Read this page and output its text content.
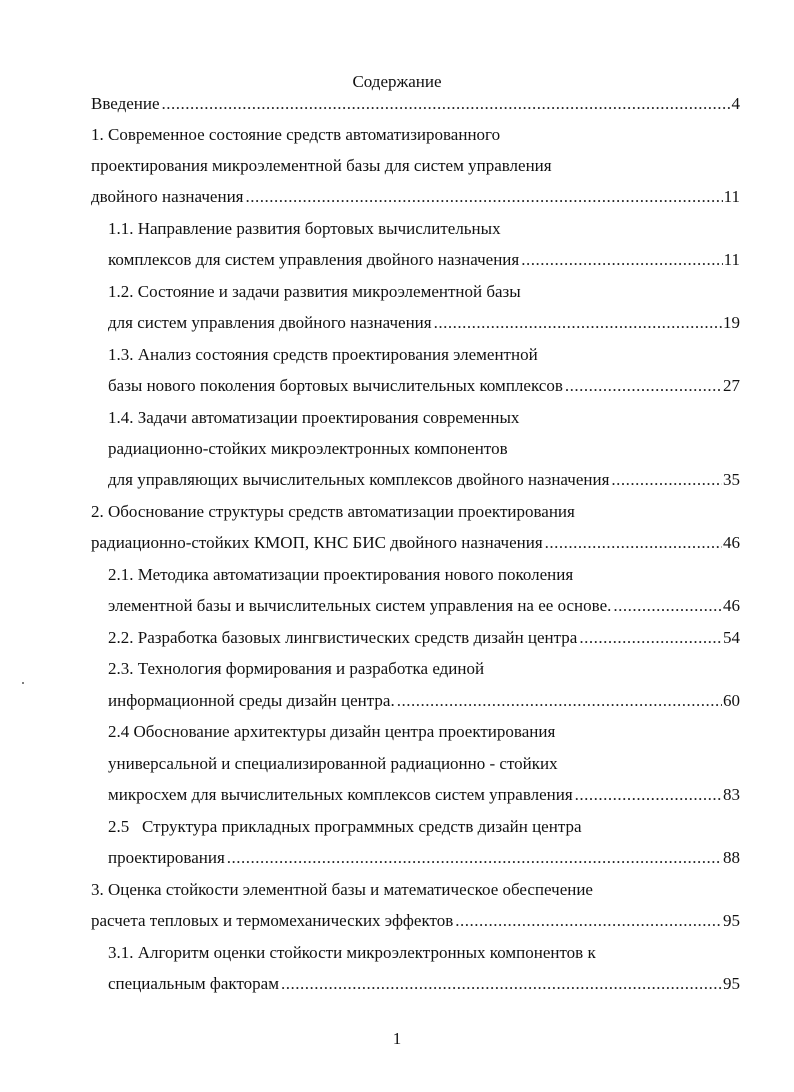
Содержание
Введение .....	4
1. Современное состояние средств автоматизированного
проектирования микроэлементной базы для систем управления
двойного назначения .....	11
1.1. Направление развития бортовых вычислительных
комплексов для систем управления двойного назначения .....	11
1.2. Состояние и задачи развития микроэлементной базы
для систем управления двойного назначения .....	19
1.3. Анализ состояния средств проектирования элементной
базы нового поколения бортовых вычислительных комплексов .....	27
1.4. Задачи автоматизации проектирования современных
радиационно-стойких микроэлектронных компонентов
для управляющих вычислительных комплексов двойного назначения .....	35
2. Обоснование структуры средств автоматизации проектирования
радиационно-стойких КМОП, КНС БИС двойного назначения .....	46
2.1. Методика автоматизации проектирования нового поколения
элементной базы и вычислительных систем управления на ее основе. .....	46
2.2. Разработка базовых лингвистических средств дизайн центра .....	54
2.3. Технология формирования и разработка единой
информационной среды дизайн центра. .....	60
2.4 Обоснование архитектуры дизайн центра проектирования
универсальной и специализированной радиационно - стойких
микросхем для вычислительных комплексов систем управления .....	83
2.5   Структура прикладных программных средств дизайн центра
проектирования .....	88
3. Оценка стойкости элементной базы и математическое обеспечение
расчета тепловых и термомеханических эффектов .....	95
3.1. Алгоритм оценки стойкости микроэлектронных компонентов к
специальным факторам .....	95
1
